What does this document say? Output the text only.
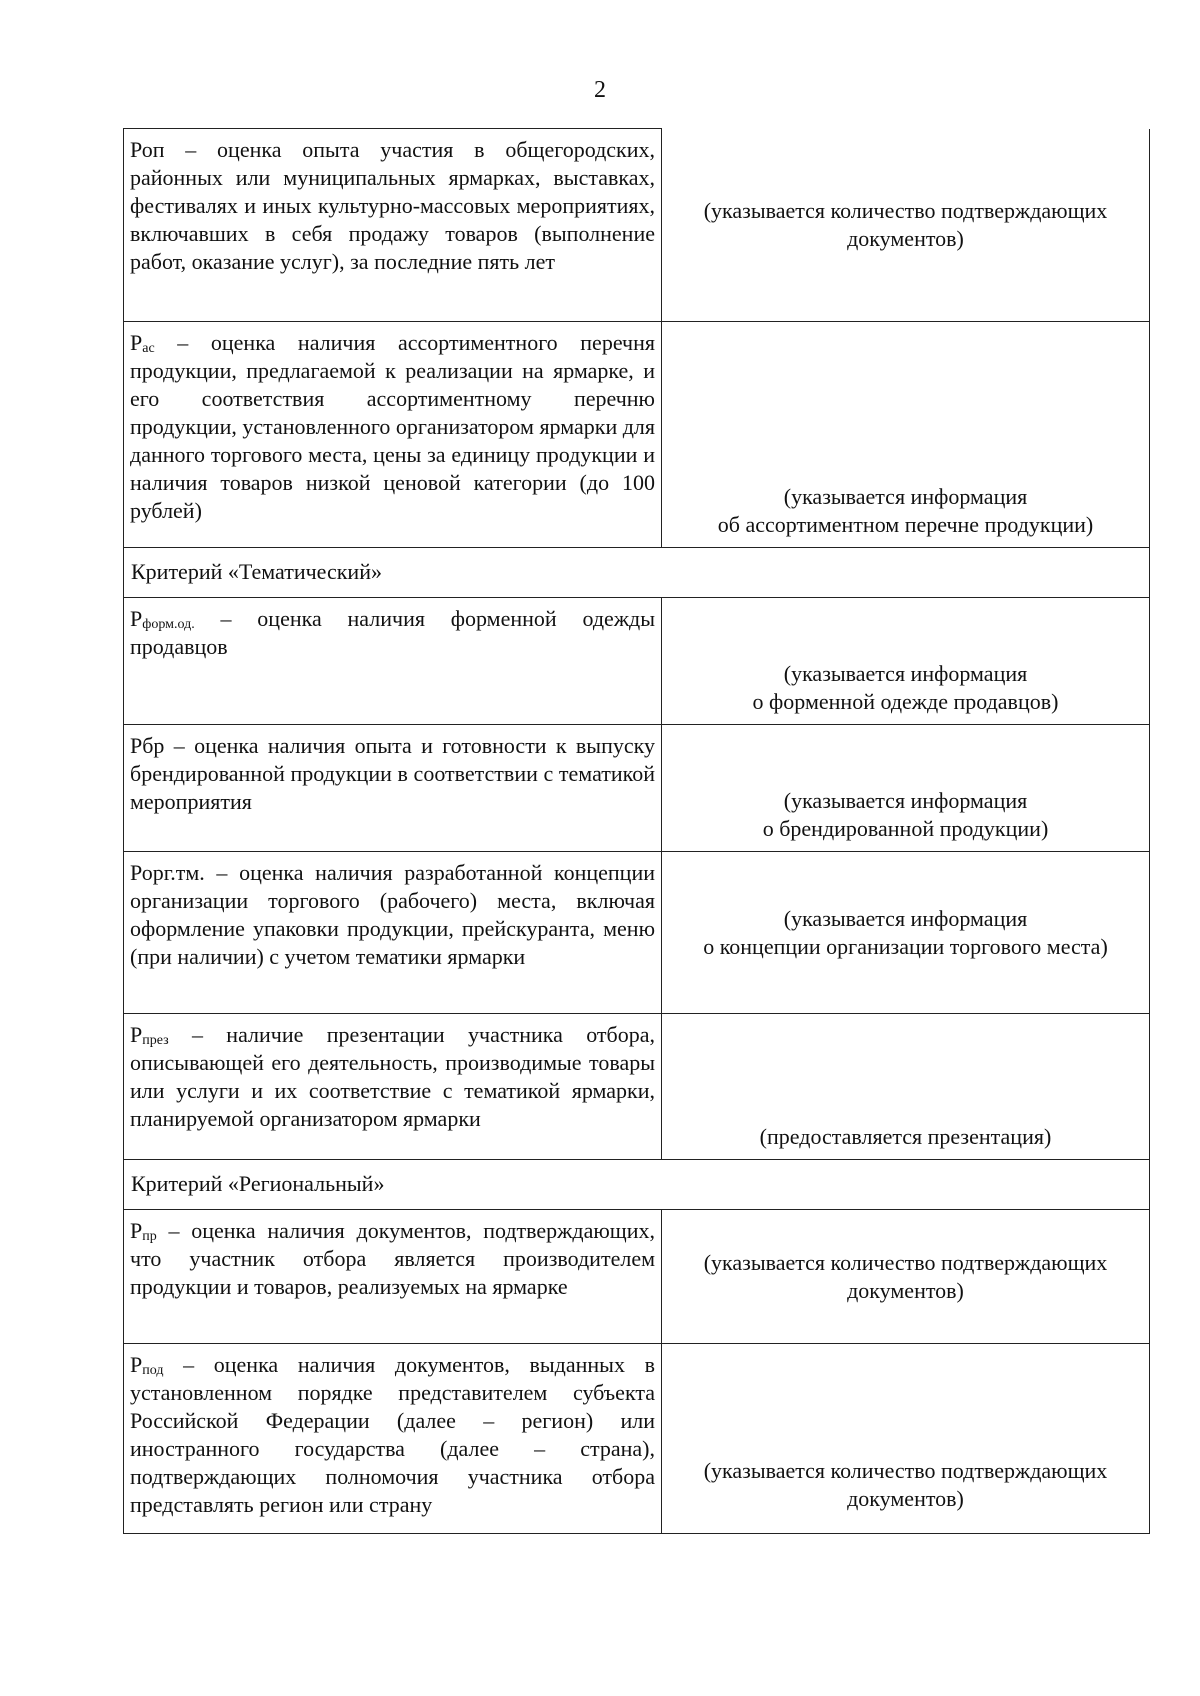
2
Роп – оценка опыта участия в общегородских, районных или муниципальных ярмарках, выставках, фестивалях и иных культурно-массовых мероприятиях, включавших в себя продажу товаров (выполнение работ, оказание услуг), за последние пять лет	(указывается количество подтверждающих
документов)

$Р_{ас}$ – оценка наличия ассортиментного перечня продукции, предлагаемой к реализации на ярмарке, и его соответствия ассортиментному перечню продукции, установленного организатором ярмарки для данного торгового места, цены за единицу продукции и наличия товаров низкой ценовой категории (до 100 рублей)	(указывается информация
об ассортиментном перечне продукции)

Критерий «Тематический»	
$Р_{форм.од.}$ – оценка наличия форменной одежды продавцов	(указывается информация
о форменной одежде продавцов)

Рбр – оценка наличия опыта и готовности к выпуску брендированной продукции в соответствии с тематикой мероприятия	(указывается информация
о брендированной продукции)

Рорг.тм. – оценка наличия разработанной концепции организации торгового (рабочего) места, включая оформление упаковки продукции, прейскуранта, меню (при наличии) с учетом тематики ярмарки	(указывается информация
о концепции организации торгового места)

$Р_{през}$ – наличие презентации участника отбора, описывающей его деятельность, производимые товары или услуги и их соответствие с тематикой ярмарки, планируемой организатором ярмарки	(предоставляется презентация)

Критерий «Региональный»	
$Р_{пр}$ – оценка наличия документов, подтверждающих, что участник отбора является производителем продукции и товаров, реализуемых на ярмарке	(указывается количество подтверждающих
документов)

$Р_{под}$ – оценка наличия документов, выданных в установленном порядке представителем субъекта Российской Федерации (далее – регион) или иностранного государства (далее – страна), подтверждающих полномочия участника отбора представлять регион или страну	(указывается количество подтверждающих
документов)
